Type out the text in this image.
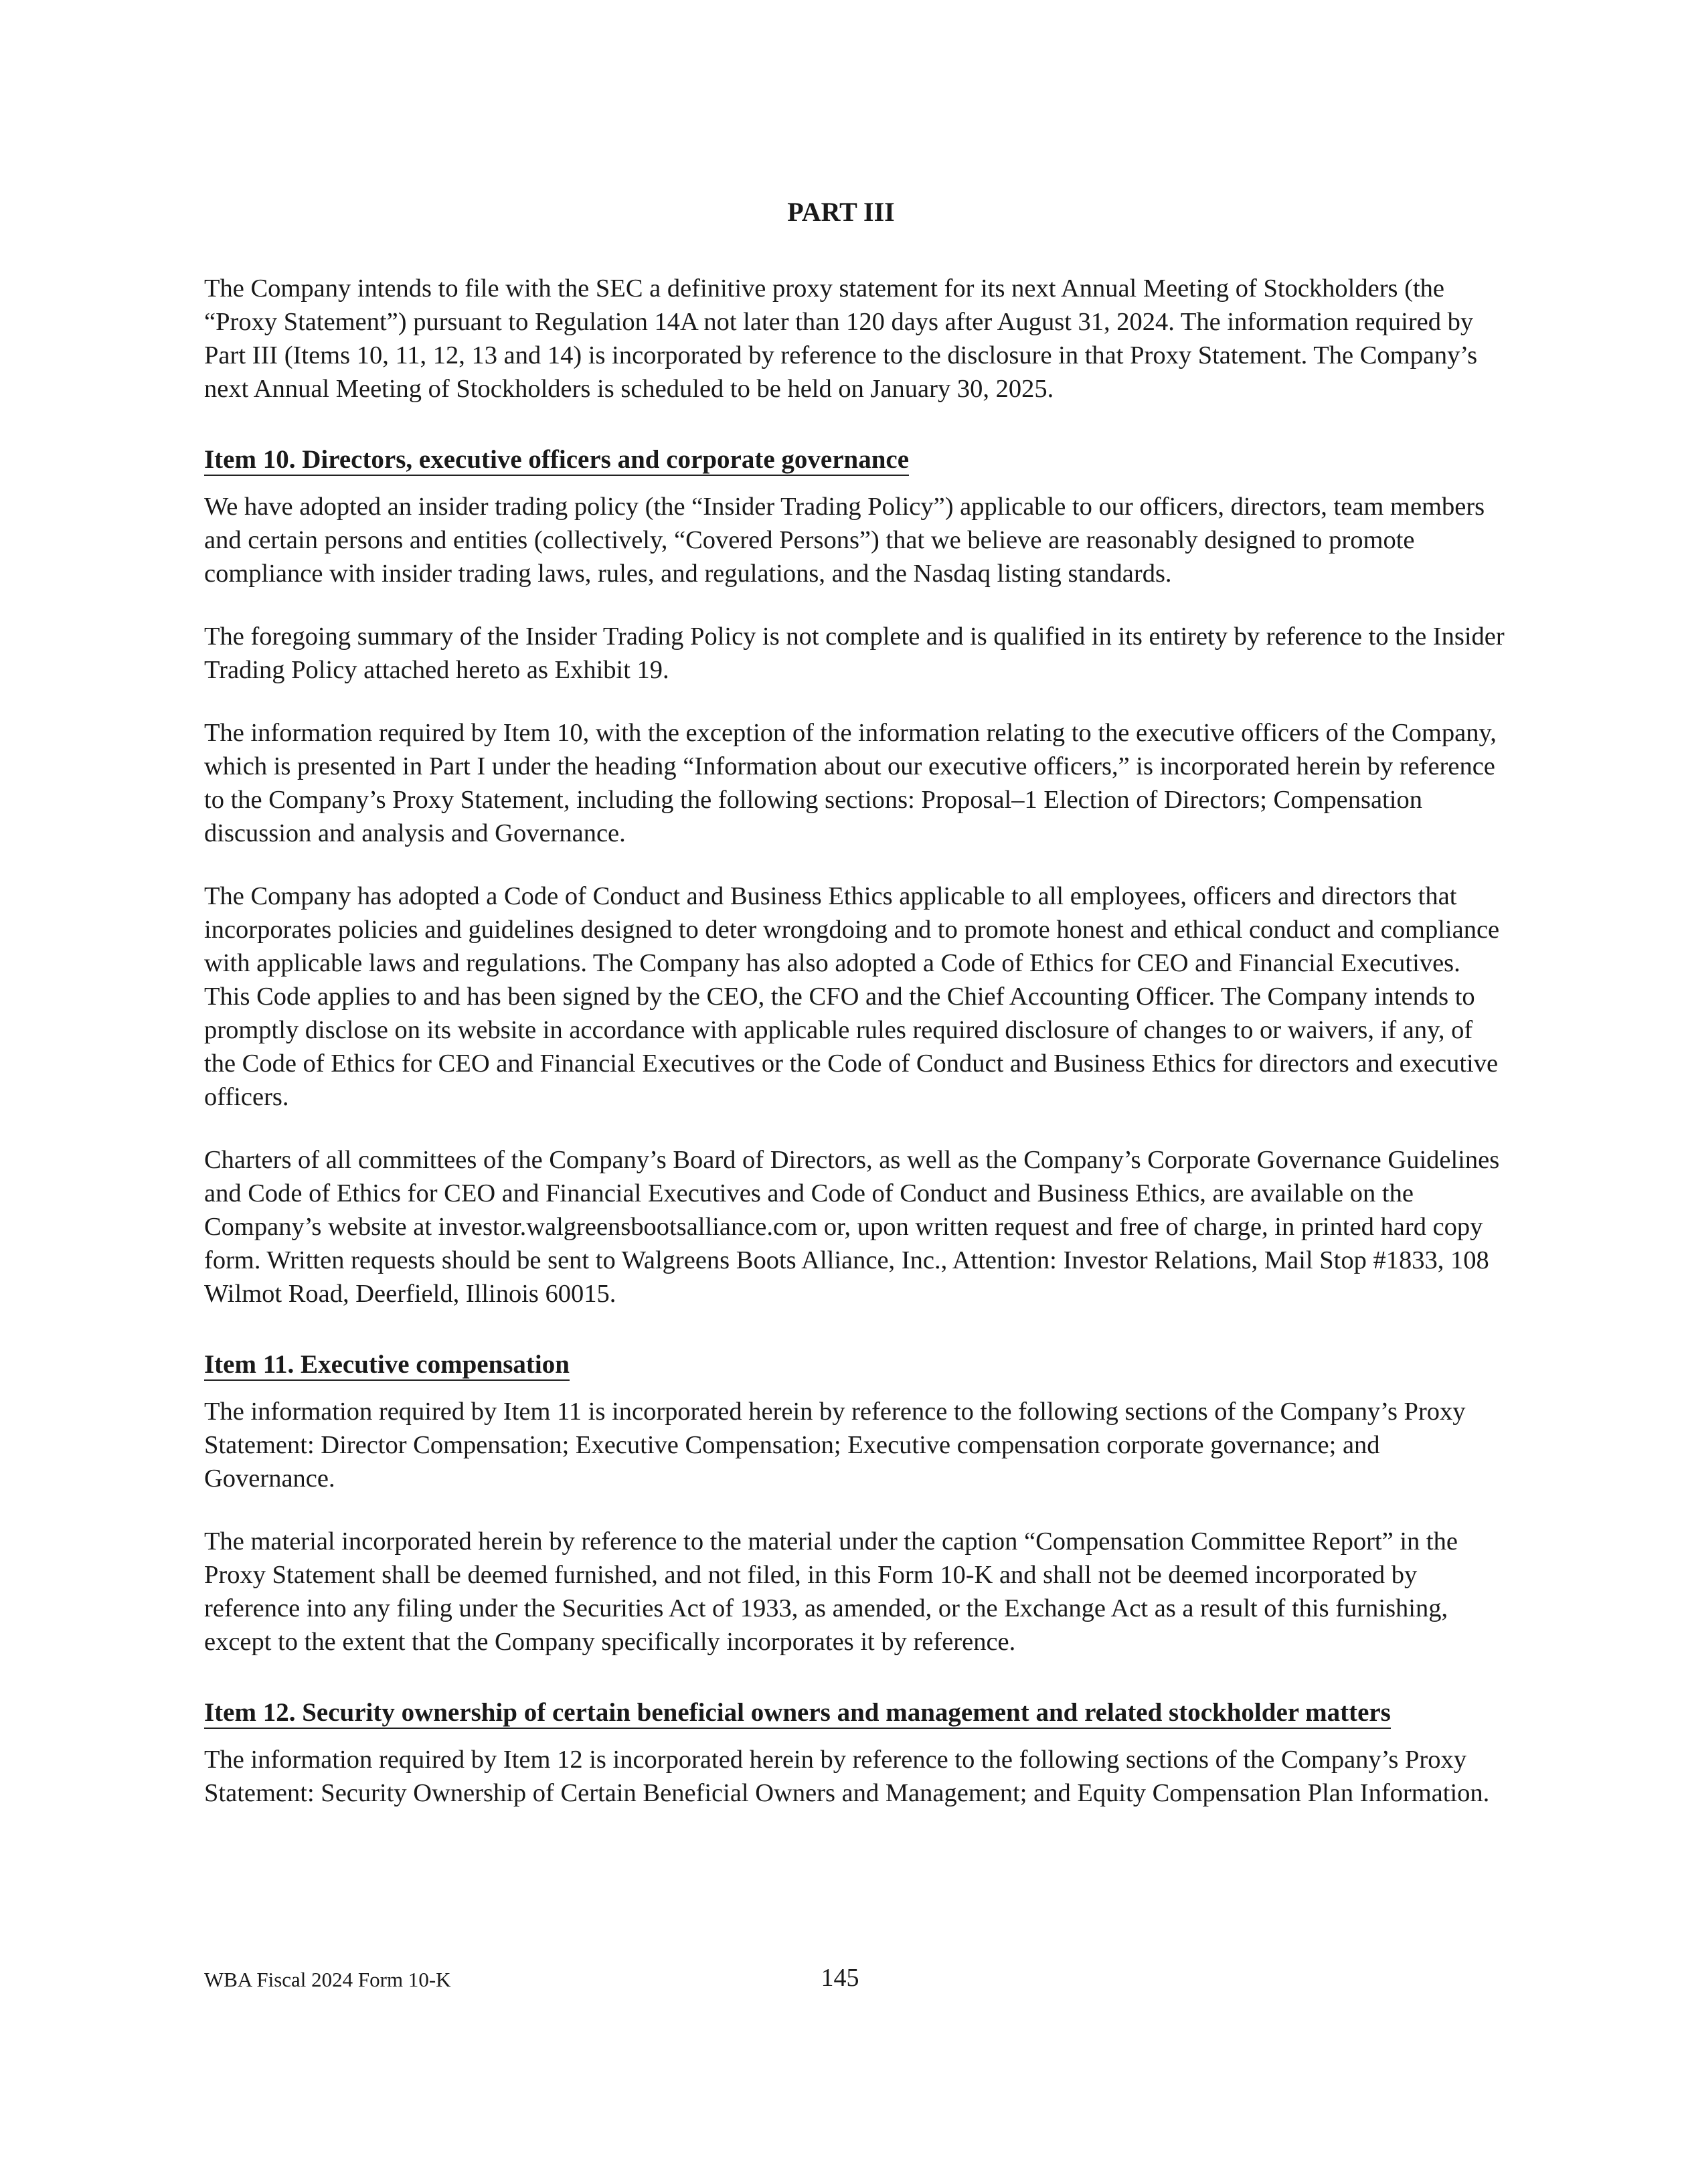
PART III

The Company intends to file with the SEC a definitive proxy statement for its next Annual Meeting of Stockholders (the “Proxy Statement”) pursuant to Regulation 14A not later than 120 days after August 31, 2024. The information required by Part III (Items 10, 11, 12, 13 and 14) is incorporated by reference to the disclosure in that Proxy Statement. The Company’s next Annual Meeting of Stockholders is scheduled to be held on January 30, 2025.

Item 10. Directors, executive officers and corporate governance

We have adopted an insider trading policy (the “Insider Trading Policy”) applicable to our officers, directors, team members and certain persons and entities (collectively, “Covered Persons”) that we believe are reasonably designed to promote compliance with insider trading laws, rules, and regulations, and the Nasdaq listing standards.

The foregoing summary of the Insider Trading Policy is not complete and is qualified in its entirety by reference to the Insider Trading Policy attached hereto as Exhibit 19.

The information required by Item 10, with the exception of the information relating to the executive officers of the Company, which is presented in Part I under the heading “Information about our executive officers,” is incorporated herein by reference to the Company’s Proxy Statement, including the following sections: Proposal–1 Election of Directors; Compensation discussion and analysis and Governance.

The Company has adopted a Code of Conduct and Business Ethics applicable to all employees, officers and directors that incorporates policies and guidelines designed to deter wrongdoing and to promote honest and ethical conduct and compliance with applicable laws and regulations. The Company has also adopted a Code of Ethics for CEO and Financial Executives. This Code applies to and has been signed by the CEO, the CFO and the Chief Accounting Officer. The Company intends to promptly disclose on its website in accordance with applicable rules required disclosure of changes to or waivers, if any, of the Code of Ethics for CEO and Financial Executives or the Code of Conduct and Business Ethics for directors and executive officers.

Charters of all committees of the Company’s Board of Directors, as well as the Company’s Corporate Governance Guidelines and Code of Ethics for CEO and Financial Executives and Code of Conduct and Business Ethics, are available on the Company’s website at investor.walgreensbootsalliance.com or, upon written request and free of charge, in printed hard copy form. Written requests should be sent to Walgreens Boots Alliance, Inc., Attention: Investor Relations, Mail Stop #1833, 108 Wilmot Road, Deerfield, Illinois 60015.

Item 11. Executive compensation

The information required by Item 11 is incorporated herein by reference to the following sections of the Company’s Proxy Statement: Director Compensation; Executive Compensation; Executive compensation corporate governance; and Governance.

The material incorporated herein by reference to the material under the caption “Compensation Committee Report” in the Proxy Statement shall be deemed furnished, and not filed, in this Form 10-K and shall not be deemed incorporated by reference into any filing under the Securities Act of 1933, as amended, or the Exchange Act as a result of this furnishing, except to the extent that the Company specifically incorporates it by reference.

Item 12. Security ownership of certain beneficial owners and management and related stockholder matters

The information required by Item 12 is incorporated herein by reference to the following sections of the Company’s Proxy Statement: Security Ownership of Certain Beneficial Owners and Management; and Equity Compensation Plan Information.

WBA Fiscal 2024 Form 10-K	145
